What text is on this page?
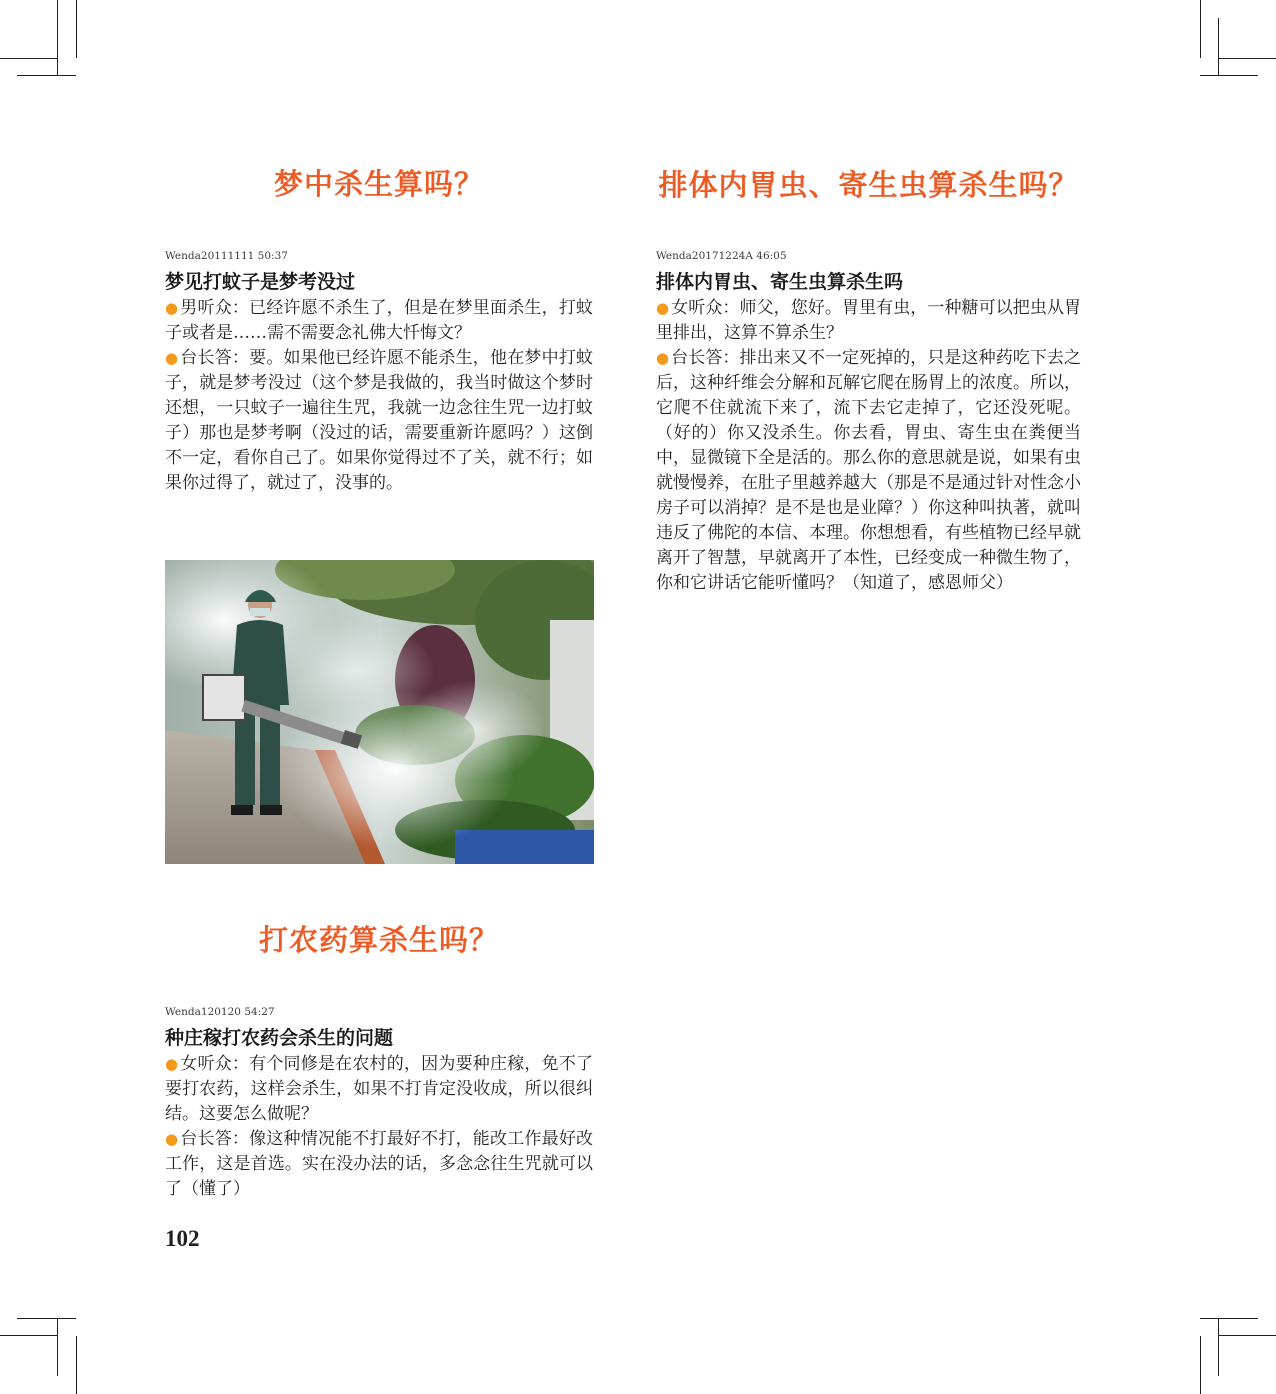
梦中杀生算吗？

Wenda20111111 50:37

梦见打蚊子是梦考没过

● 男听众：已经许愿不杀生了，但是在梦里面杀生，打蚊子或者是……需不需要念礼佛大忏悔文？

● 台长答：要。如果他已经许愿不能杀生，他在梦中打蚊子，就是梦考没过（这个梦是我做的，我当时做这个梦时还想，一只蚊子一遍往生咒，我就一边念往生咒一边打蚊子）那也是梦考啊（没过的话，需要重新许愿吗？）这倒不一定，看你自己了。如果你觉得过不了关，就不行；如果你过得了，就过了，没事的。

打农药算杀生吗？

Wenda120120 54:27

种庄稼打农药会杀生的问题

● 女听众：有个同修是在农村的，因为要种庄稼，免不了要打农药，这样会杀生，如果不打肯定没收成，所以很纠结。这要怎么做呢？

● 台长答：像这种情况能不打最好不打，能改工作最好改工作，这是首选。实在没办法的话，多念念往生咒就可以了（懂了）

排体内胃虫、寄生虫算杀生吗？

Wenda20171224A 46:05

排体内胃虫、寄生虫算杀生吗

● 女听众：师父，您好。胃里有虫，一种糖可以把虫从胃里排出，这算不算杀生？

● 台长答：排出来又不一定死掉的，只是这种药吃下去之后，这种纤维会分解和瓦解它爬在肠胃上的浓度。所以，它爬不住就流下来了，流下去它走掉了，它还没死呢。（好的）你又没杀生。你去看，胃虫、寄生虫在粪便当中，显微镜下全是活的。那么你的意思就是说，如果有虫就慢慢养，在肚子里越养越大（那是不是通过针对性念小房子可以消掉？是不是也是业障？）你这种叫执著，就叫违反了佛陀的本信、本理。你想想看，有些植物已经早就离开了智慧，早就离开了本性，已经变成一种微生物了，你和它讲话它能听懂吗？（知道了，感恩师父）

102
